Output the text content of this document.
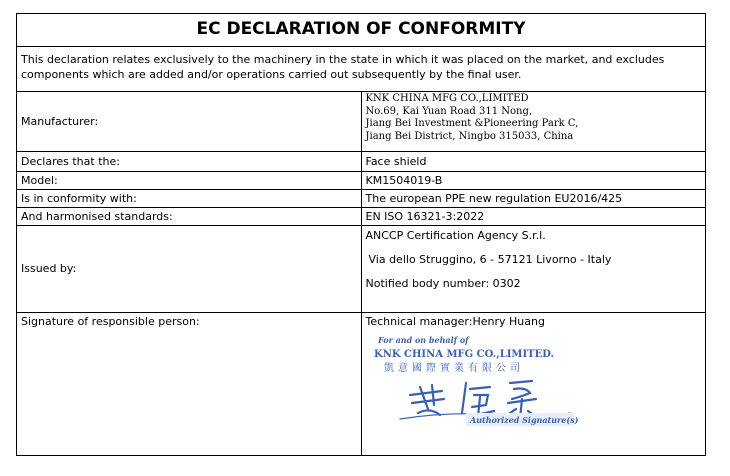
EC DECLARATION OF CONFORMITY	
This declaration relates exclusively to the machinery in the state in which it was placed on the market, and excludes components which are added and/or operations carried out subsequently by the final user.	
Manufacturer:	KNK CHINA MFG CO.,LIMITED
No.69, Kai Yuan Road 311 Nong,
Jiang Bei Investment &Pioneering Park C,
Jiang Bei District, Ningbo 315033, China

Declares that the:	Face shield
Model:	KM1504019-B
Is in conformity with:	The european PPE new regulation EU2016/425
And harmonised standards:	EN ISO 16321-3:2022
Issued by:	ANCCP Certification Agency S.r.l.
Via dello Struggino, 6 - 57121 Livorno - Italy
Notified body number: 0302

Signature of responsible person:	Technical manager:Henry Huang
For and on behalf of
KNK CHINA MFG CO.,LIMITED.
凱意國際實業有限公司
Authorized Signature(s)
